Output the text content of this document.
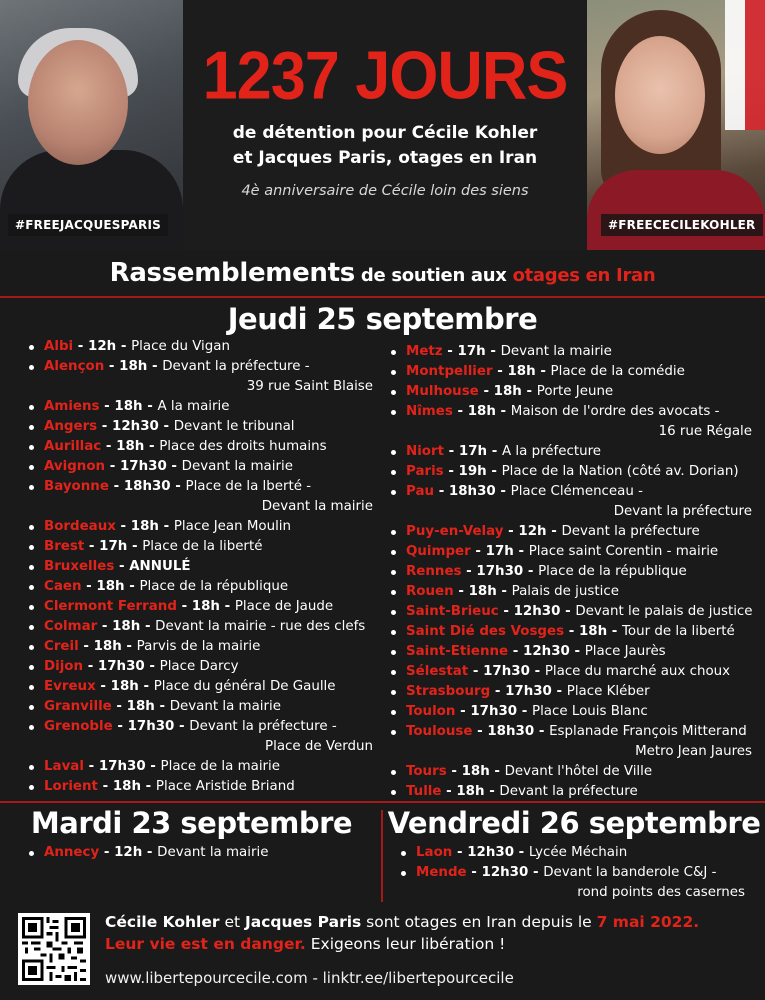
#FREEJACQUESPARIS
1237 JOURS
de détention pour Cécile Kohler
et Jacques Paris, otages en Iran
4è anniversaire de Cécile loin des siens
#FREECECILEKOHLER
Rassemblements de soutien aux otages en Iran
Jeudi 25 septembre
Albi - 12h - Place du Vigan
Alençon - 18h - Devant la préfecture -
39 rue Saint Blaise
Amiens - 18h - A la mairie
Angers - 12h30 - Devant le tribunal
Aurillac - 18h - Place des droits humains
Avignon - 17h30 - Devant la mairie
Bayonne - 18h30 - Place de la lberté -
Devant la mairie
Bordeaux - 18h - Place Jean Moulin
Brest - 17h - Place de la liberté
Bruxelles - ANNULÉ
Caen - 18h - Place de la république
Clermont Ferrand - 18h - Place de Jaude
Colmar - 18h - Devant la mairie - rue des clefs
Creil - 18h - Parvis de la mairie
Dijon - 17h30 - Place Darcy
Evreux - 18h - Place du général De Gaulle
Granville - 18h - Devant la mairie
Grenoble - 17h30 - Devant la préfecture -
Place de Verdun
Laval - 17h30 - Place de la mairie
Lorient - 18h - Place Aristide Briand
Metz - 17h - Devant la mairie
Montpellier - 18h - Place de la comédie
Mulhouse - 18h - Porte Jeune
Nîmes - 18h - Maison de l'ordre des avocats -
16 rue Régale
Niort - 17h - A la préfecture
Paris - 19h - Place de la Nation (côté av. Dorian)
Pau - 18h30 - Place Clémenceau -
Devant la préfecture
Puy-en-Velay - 12h - Devant la préfecture
Quimper - 17h - Place saint Corentin - mairie
Rennes - 17h30 - Place de la république
Rouen - 18h - Palais de justice
Saint-Brieuc - 12h30 - Devant le palais de justice
Saint Dié des Vosges - 18h - Tour de la liberté
Saint-Etienne - 12h30 - Place Jaurès
Sélestat - 17h30 - Place du marché aux choux
Strasbourg - 17h30 - Place Kléber
Toulon - 17h30 - Place Louis Blanc
Toulouse - 18h30 - Esplanade François Mitterand
Metro Jean Jaures
Tours - 18h - Devant l'hôtel de Ville
Tulle - 18h - Devant la préfecture
Mardi 23 septembre	Vendredi 26 septembre
Annecy - 12h - Devant la mairie	Laon - 12h30 - Lycée Méchain
Mende - 12h30 - Devant la banderole C&J -
rond points des casernes
Cécile Kohler et Jacques Paris sont otages en Iran depuis le 7 mai 2022.
Leur vie est en danger. Exigeons leur libération !
www.libertepourcecile.com - linktr.ee/libertepourcecile
